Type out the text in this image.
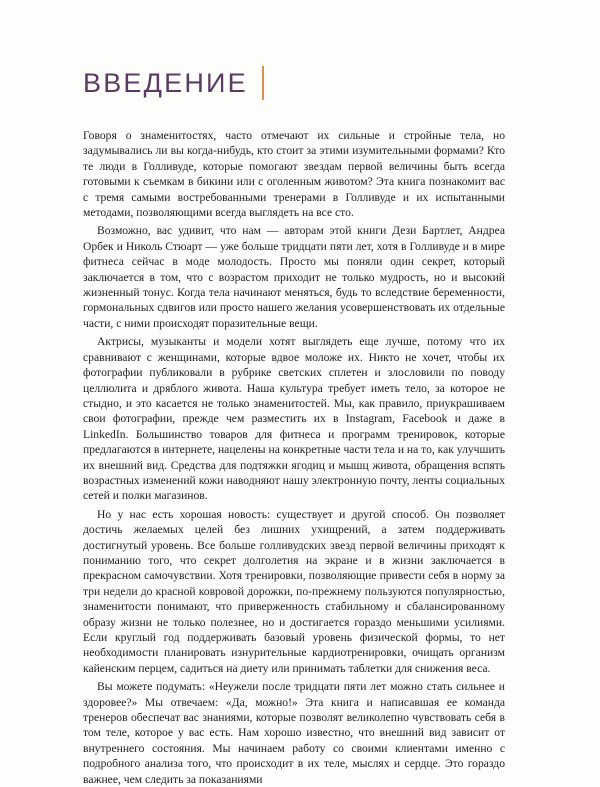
ВВЕДЕНИЕ

Говоря о знаменитостях, часто отмечают их сильные и стройные тела, но задумывались ли вы когда-нибудь, кто стоит за этими изумительными формами? Кто те люди в Голливуде, которые помогают звездам первой величины быть всегда готовыми к съемкам в бикини или с оголенным животом? Эта книга познакомит вас с тремя самыми востребованными тренерами в Голливуде и их испытанными методами, позволяющими всегда выглядеть на все сто.

Возможно, вас удивит, что нам — авторам этой книги Дези Бартлет, Андреа Орбек и Николь Стюарт — уже больше тридцати пяти лет, хотя в Голливуде и в мире фитнеса сейчас в моде молодость. Просто мы поняли один секрет, который заключается в том, что с возрастом приходит не только мудрость, но и высокий жизненный тонус. Когда тела начинают меняться, будь то вследствие беременности, гормональных сдвигов или просто нашего желания усовершенствовать их отдельные части, с ними происходят поразительные вещи.

Актрисы, музыканты и модели хотят выглядеть еще лучше, потому что их сравнивают с женщинами, которые вдвое моложе их. Никто не хочет, чтобы их фотографии публиковали в рубрике светских сплетен и злословили по поводу целлюлита и дряблого живота. Наша культура требует иметь тело, за которое не стыдно, и это касается не только знаменитостей. Мы, как правило, приукрашиваем свои фотографии, прежде чем разместить их в Instagram, Facebook и даже в LinkedIn. Большинство товаров для фитнеса и программ тренировок, которые предлагаются в интернете, нацелены на конкретные части тела и на то, как улучшить их внешний вид. Средства для подтяжки ягодиц и мышц живота, обращения вспять возрастных изменений кожи наводняют нашу электронную почту, ленты социальных сетей и полки магазинов.

Но у нас есть хорошая новость: существует и другой способ. Он позволяет достичь желаемых целей без лишних ухищрений, а затем поддерживать достигнутый уровень. Все больше голливудских звезд первой величины приходят к пониманию того, что секрет долголетия на экране и в жизни заключается в прекрасном самочувствии. Хотя тренировки, позволяющие привести себя в норму за три недели до красной ковровой дорожки, по-прежнему пользуются популярностью, знаменитости понимают, что приверженность стабильному и сбалансированному образу жизни не только полезнее, но и достигается гораздо меньшими усилиями. Если круглый год поддерживать базовый уровень физической формы, то нет необходимости планировать изнурительные кардиотренировки, очищать организм кайенским перцем, садиться на диету или принимать таблетки для снижения веса.

Вы можете подумать: «Неужели после тридцати пяти лет можно стать сильнее и здоровее?» Мы отвечаем: «Да, можно!» Эта книга и написавшая ее команда тренеров обеспечат вас знаниями, которые позволят великолепно чувствовать себя в том теле, которое у вас есть. Нам хорошо известно, что внешний вид зависит от внутреннего состояния. Мы начинаем работу со своими клиентами именно с подробного анализа того, что происходит в их теле, мыслях и сердце. Это гораздо важнее, чем следить за показаниями
